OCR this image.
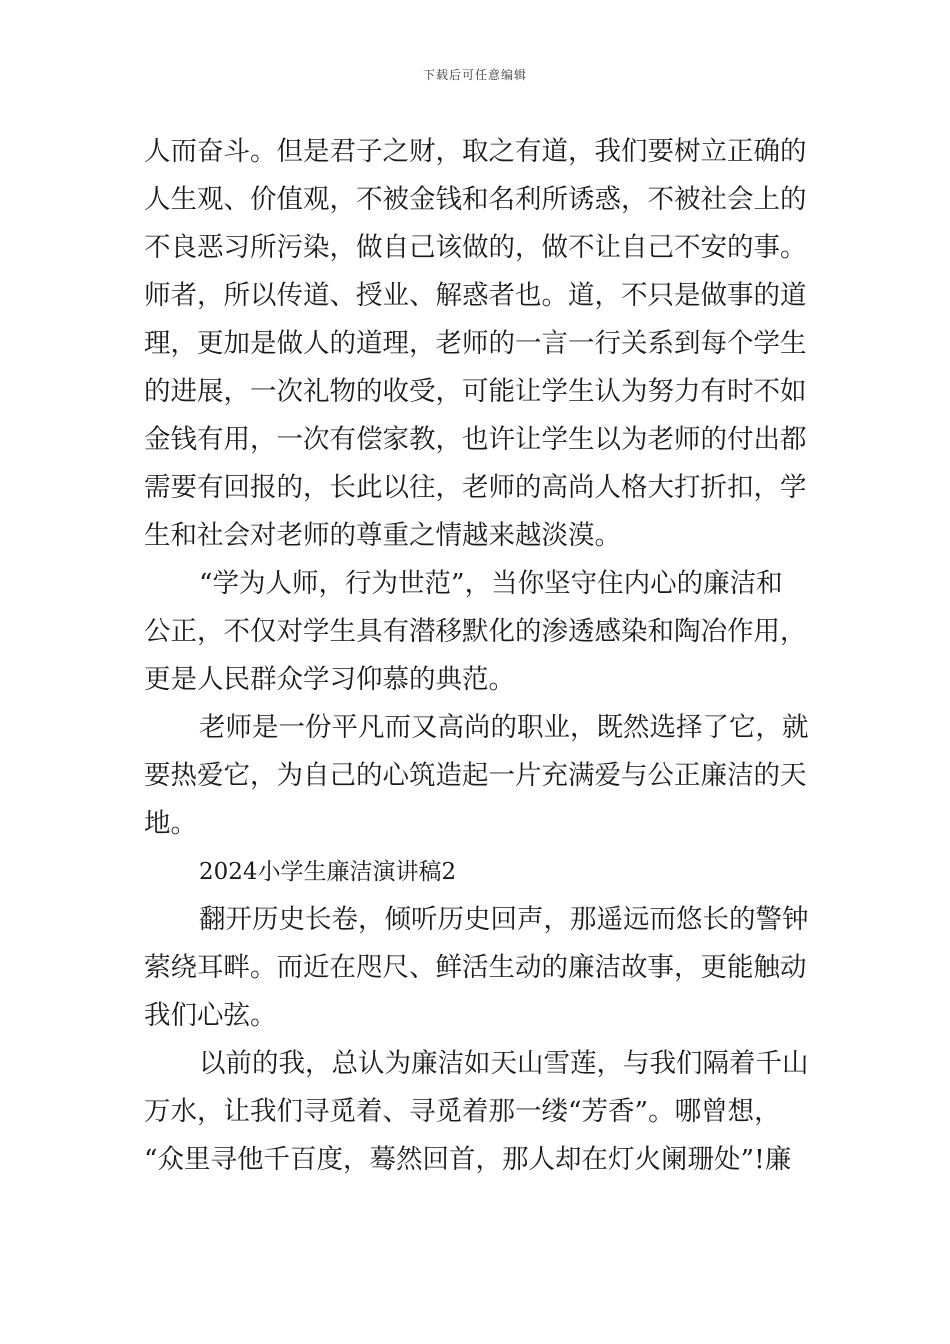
下载后可任意编辑
人而奋斗。但是君子之财，取之有道，我们要树立正确的
人生观、价值观，不被金钱和名利所诱惑，不被社会上的
不良恶习所污染，做自己该做的，做不让自己不安的事。
师者，所以传道、授业、解惑者也。道，不只是做事的道
理，更加是做人的道理，老师的一言一行关系到每个学生
的进展，一次礼物的收受，可能让学生认为努力有时不如
金钱有用，一次有偿家教，也许让学生以为老师的付出都
需要有回报的，长此以往，老师的高尚人格大打折扣，学
生和社会对老师的尊重之情越来越淡漠。
“学为人师，行为世范”，当你坚守住内心的廉洁和
公正，不仅对学生具有潜移默化的渗透感染和陶冶作用，
更是人民群众学习仰慕的典范。
老师是一份平凡而又高尚的职业，既然选择了它，就
要热爱它，为自己的心筑造起一片充满爱与公正廉洁的天
地。
2024小学生廉洁演讲稿2
翻开历史长卷，倾听历史回声，那遥远而悠长的警钟
萦绕耳畔。而近在咫尺、鲜活生动的廉洁故事，更能触动
我们心弦。
以前的我，总认为廉洁如天山雪莲，与我们隔着千山
万水，让我们寻觅着、寻觅着那一缕“芳香”。哪曾想，
“众里寻他千百度，蓦然回首，那人却在灯火阑珊处”!廉
